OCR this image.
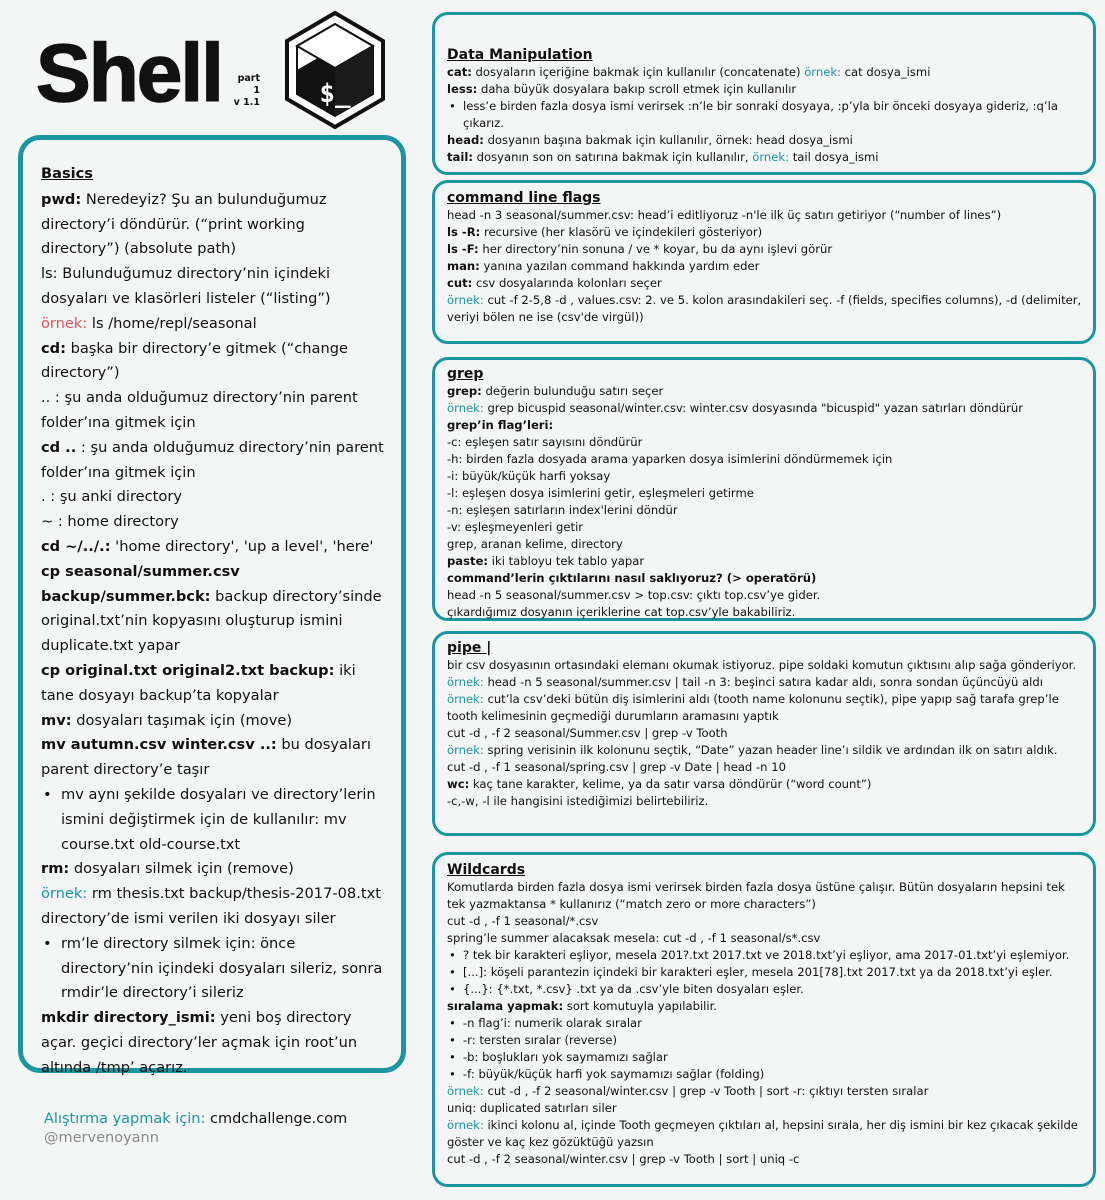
Shell	part 1
v 1.1 $_
Basics
pwd: Neredeyiz? Şu an bulunduğumuz directory’i döndürür. (“print working directory”) (absolute path)
ls: Bulunduğumuz directory’nin içindeki dosyaları ve klasörleri listeler (“listing”)
örnek: ls /home/repl/seasonal
cd: başka bir directory’e gitmek (“change directory”)
.. : şu anda olduğumuz directory’nin parent folder’ına gitmek için
cd .. : şu anda olduğumuz directory’nin parent folder’ına gitmek için
. : şu anki directory
~ : home directory
cd ~/../.: 'home directory', 'up a level', 'here'
cp seasonal/summer.csv backup/summer.bck: backup directory’sinde original.txt’nin kopyasını oluşturup ismini duplicate.txt yapar
cp original.txt original2.txt backup: iki tane dosyayı backup’ta kopyalar
mv: dosyaları taşımak için (move)
mv autumn.csv winter.csv ..: bu dosyaları parent directory’e taşır
• mv aynı şekilde dosyaları ve directory’lerin ismini değiştirmek için de kullanılır: mv course.txt old-course.txt
rm: dosyaları silmek için (remove)
örnek: rm thesis.txt backup/thesis-2017-08.txt directory’de ismi verilen iki dosyayı siler
• rm’le directory silmek için: önce directory’nin içindeki dosyaları sileriz, sonra rmdir’le directory’i sileriz
mkdir directory_ismi: yeni boş directory açar. geçici directory’ler açmak için root’un altında /tmp’ açarız.
Alıştırma yapmak için: cmdchallenge.com
@mervenoyann
Data Manipulation
cat: dosyaların içeriğine bakmak için kullanılır (concatenate) örnek: cat dosya_ismi
less: daha büyük dosyalara bakıp scroll etmek için kullanılır
• less’e birden fazla dosya ismi verirsek :n’le bir sonraki dosyaya, :p’yla bir önceki dosyaya gideriz, :q’la çıkarız.
head: dosyanın başına bakmak için kullanılır, örnek: head dosya_ismi
tail: dosyanın son on satırına bakmak için kullanılır, örnek: tail dosya_ismi
command line flags
head -n 3 seasonal/summer.csv: head’i editliyoruz -n'le ilk üç satırı getiriyor (“number of lines”)
ls -R: recursive (her klasörü ve içindekileri gösteriyor)
ls -F: her directory’nin sonuna / ve * koyar, bu da aynı işlevi görür
man: yanına yazılan command hakkında yardım eder
cut: csv dosyalarında kolonları seçer
örnek: cut -f 2-5,8 -d , values.csv: 2. ve 5. kolon arasındakileri seç. -f (fields, specifies columns), -d (delimiter, veriyi bölen ne ise (csv'de virgül))
grep
grep: değerin bulunduğu satırı seçer
örnek: grep bicuspid seasonal/winter.csv: winter.csv dosyasında "bicuspid" yazan satırları döndürür
grep’in flag’leri:
-c: eşleşen satır sayısını döndürür
-h: birden fazla dosyada arama yaparken dosya isimlerini döndürmemek için
-i: büyük/küçük harfi yoksay
-l: eşleşen dosya isimlerini getir, eşleşmeleri getirme
-n: eşleşen satırların index'lerini döndür
-v: eşleşmeyenleri getir
grep, aranan kelime, directory
paste: iki tabloyu tek tablo yapar
command’lerin çıktılarını nasıl saklıyoruz? (> operatörü)
head -n 5 seasonal/summer.csv > top.csv: çıktı top.csv’ye gider.
çıkardığımız dosyanın içeriklerine cat top.csv’yle bakabiliriz.
pipe |
bir csv dosyasının ortasındaki elemanı okumak istiyoruz. pipe soldaki komutun çıktısını alıp sağa gönderiyor.
örnek: head -n 5 seasonal/summer.csv | tail -n 3: beşinci satıra kadar aldı, sonra sondan üçüncüyü aldı
örnek: cut’la csv’deki bütün diş isimlerini aldı (tooth name kolonunu seçtik), pipe yapıp sağ tarafa grep’le tooth kelimesinin geçmediği durumların aramasını yaptık
cut -d , -f 2 seasonal/Summer.csv | grep -v Tooth
örnek: spring verisinin ilk kolonunu seçtik, “Date” yazan header line’ı sildik ve ardından ilk on satırı aldık.
cut -d , -f 1 seasonal/spring.csv | grep -v Date | head -n 10
wc: kaç tane karakter, kelime, ya da satır varsa döndürür (“word count”)
-c,-w, -l ile hangisini istediğimizi belirtebiliriz.
Wildcards
Komutlarda birden fazla dosya ismi verirsek birden fazla dosya üstüne çalışır. Bütün dosyaların hepsini tek tek yazmaktansa * kullanırız (“match zero or more characters”)
cut -d , -f 1 seasonal/*.csv
spring’le summer alacaksak mesela: cut -d , -f 1 seasonal/s*.csv
• ? tek bir karakteri eşliyor, mesela 201?.txt 2017.txt ve 2018.txt’yi eşliyor, ama 2017-01.txt’yi eşlemiyor.
• [...]: köşeli parantezin içindeki bir karakteri eşler, mesela 201[78].txt 2017.txt ya da 2018.txt’yi eşler.
• {...}: {*.txt, *.csv} .txt ya da .csv’yle biten dosyaları eşler.
sıralama yapmak: sort komutuyla yapılabilir.
• -n flag’i: numerik olarak sıralar
• -r: tersten sıralar (reverse)
• -b: boşlukları yok saymamızı sağlar
• -f: büyük/küçük harfi yok saymamızı sağlar (folding)
örnek: cut -d , -f 2 seasonal/winter.csv | grep -v Tooth | sort -r: çıktıyı tersten sıralar
uniq: duplicated satırları siler
örnek: ikinci kolonu al, içinde Tooth geçmeyen çıktıları al, hepsini sırala, her diş ismini bir kez çıkacak şekilde göster ve kaç kez gözüktüğü yazsın
cut -d , -f 2 seasonal/winter.csv | grep -v Tooth | sort | uniq -c
